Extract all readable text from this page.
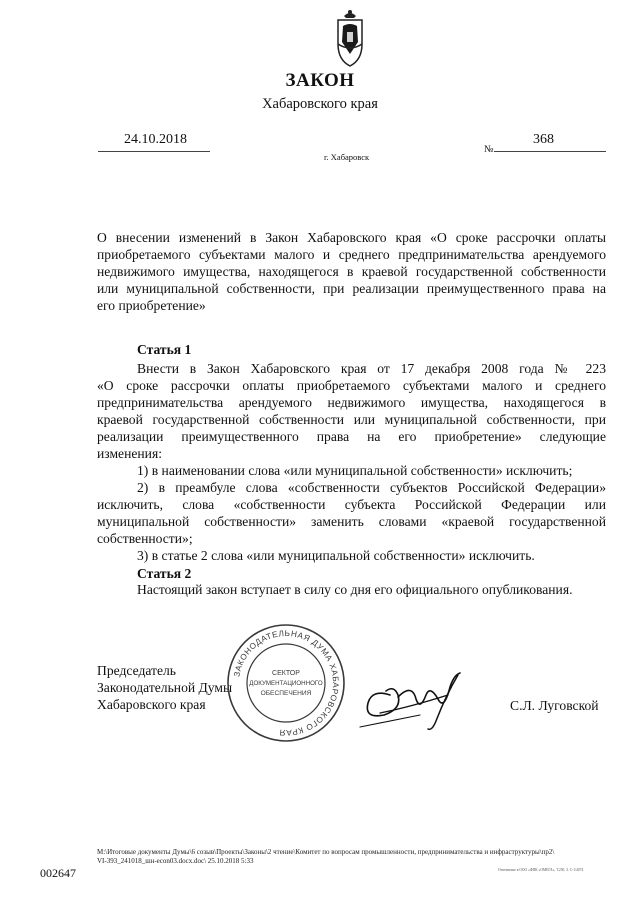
ЗАКОН
Хабаровского края
24.10.2018
№
368
г. Хабаровск
О внесении изменений в Закон Хабаровского края «О сроке рассрочки оплаты
приобретаемого субъектами малого и среднего предпринимательства арендуемого
недвижимого имущества, находящегося в краевой государственной собственности
или муниципальной собственности, при реализации преимущественного права на
его приобретение»
Статья 1
Внести в Закон Хабаровского края от 17 декабря 2008 года № 223
«О сроке рассрочки оплаты приобретаемого субъектами малого и среднего
предпринимательства арендуемого недвижимого имущества, находящегося в
краевой государственной собственности или муниципальной собственности, при
реализации преимущественного права на его приобретение» следующие
изменения:
1) в наименовании слова «или муниципальной собственности» исключить;
2) в преамбуле слова «собственности субъектов Российской Федерации»
исключить, слова «собственности субъекта Российской Федерации или
муниципальной собственности» заменить словами «краевой государственной
собственности»;
3) в статье 2 слова «или муниципальной собственности» исключить.
Статья 2
Настоящий закон вступает в силу со дня его официального опубликования.
Председатель
Законодательной Думы
Хабаровского края
ЗАКОНОДАТЕЛЬНАЯ ДУМА ХАБАРОВСКОГО КРАЯ
СЕКТОР
ДОКУМЕНТАЦИОННОГО
ОБЕСПЕЧЕНИЯ
С.Л. Луговской
М:\Итоговые документы Думы\6 созыв\Проекты\Законы\2 чтение\Комитет по вопросам промышленности, предпринимательства и инфраструктуры\пр2\
VI-393_241018_шн-econ03.docx.doc\ 25.10.2018 5:33
002647	Отпечатано в ООО «ФПК «ОМЕГА», Т.250, З. С-1/4074
